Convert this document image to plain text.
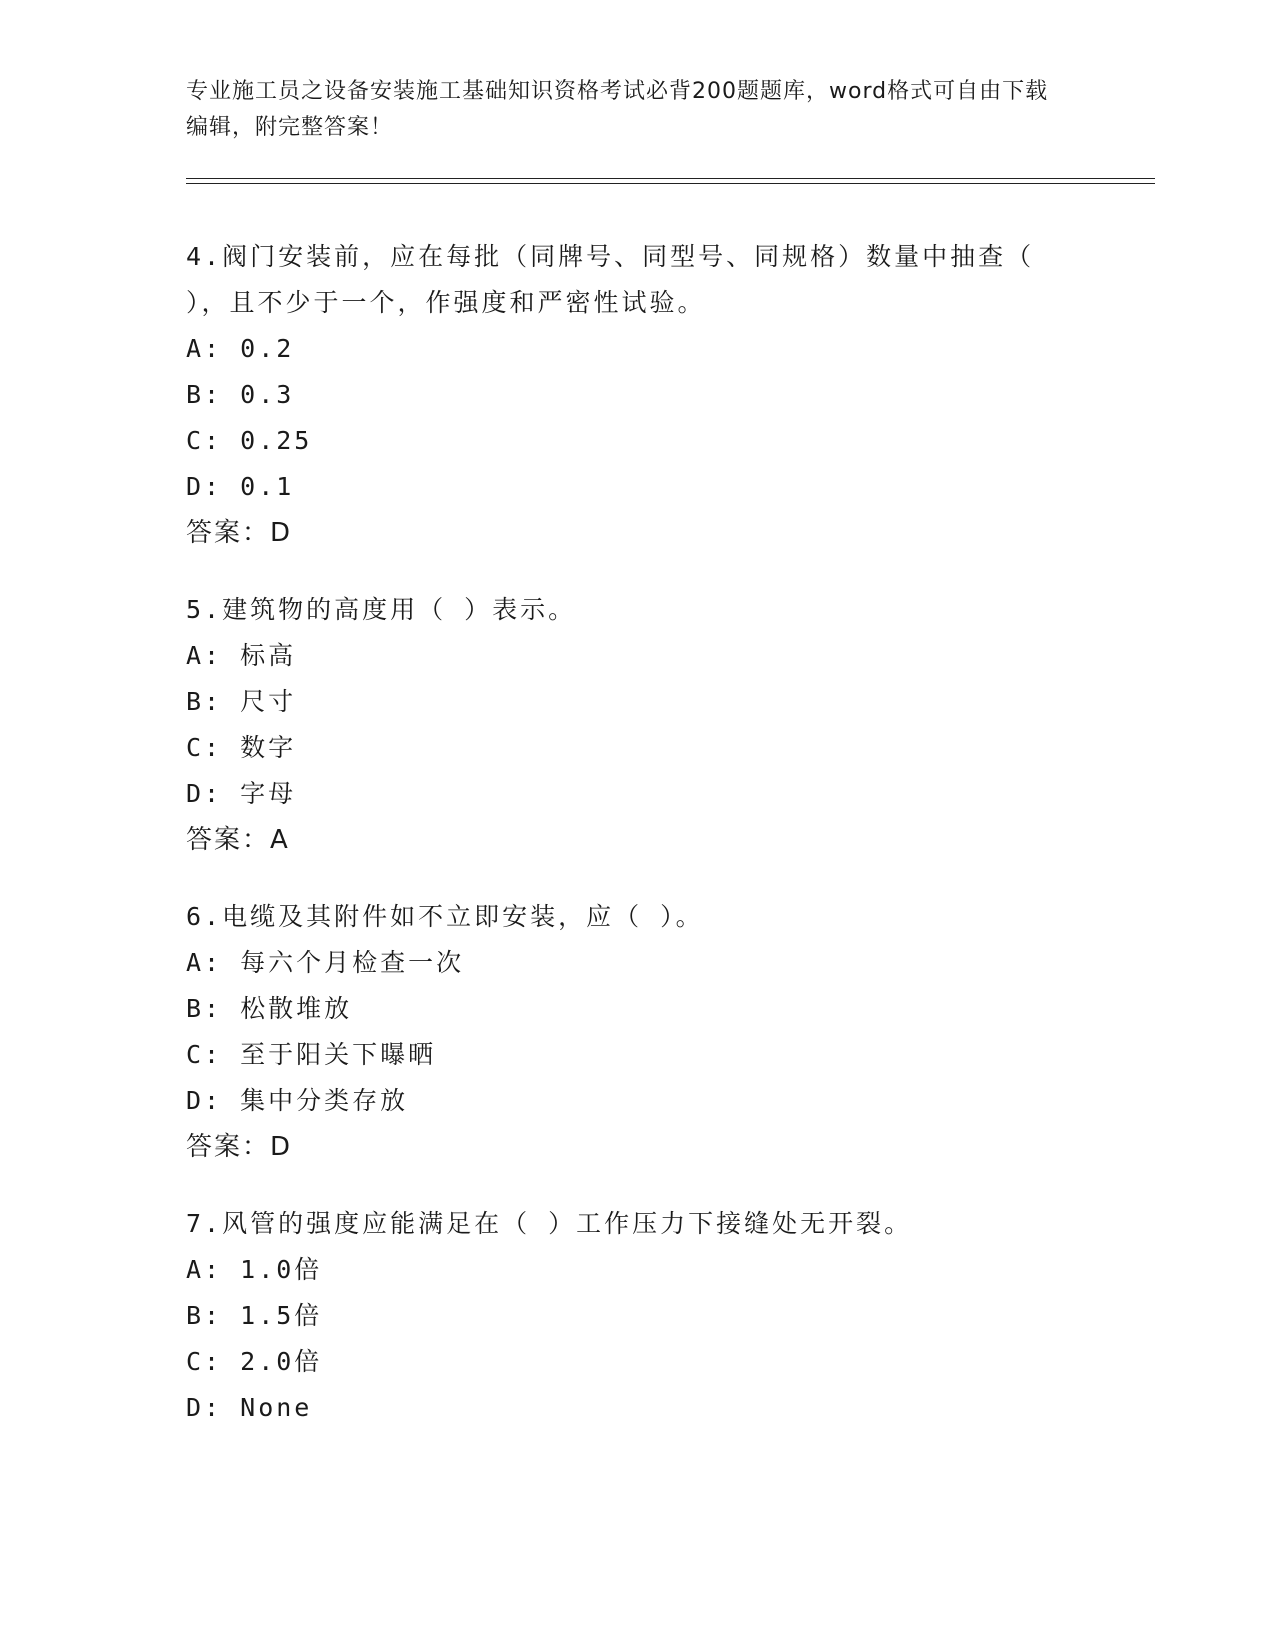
专业施工员之设备安装施工基础知识资格考试必背200题题库，word格式可自由下载编辑，附完整答案！
4.阀门安装前，应在每批（同牌号、同型号、同规格）数量中抽查（ ），且不少于一个，作强度和严密性试验。
A: 0.2
B: 0.3
C: 0.25
D: 0.1
答案：D
5.建筑物的高度用（ ）表示。
A: 标高
B: 尺寸
C: 数字
D: 字母
答案：A
6.电缆及其附件如不立即安装，应（ ）。
A: 每六个月检查一次
B: 松散堆放
C: 至于阳关下曝晒
D: 集中分类存放
答案：D
7.风管的强度应能满足在（ ）工作压力下接缝处无开裂。
A: 1.0倍
B: 1.5倍
C: 2.0倍
D: None
